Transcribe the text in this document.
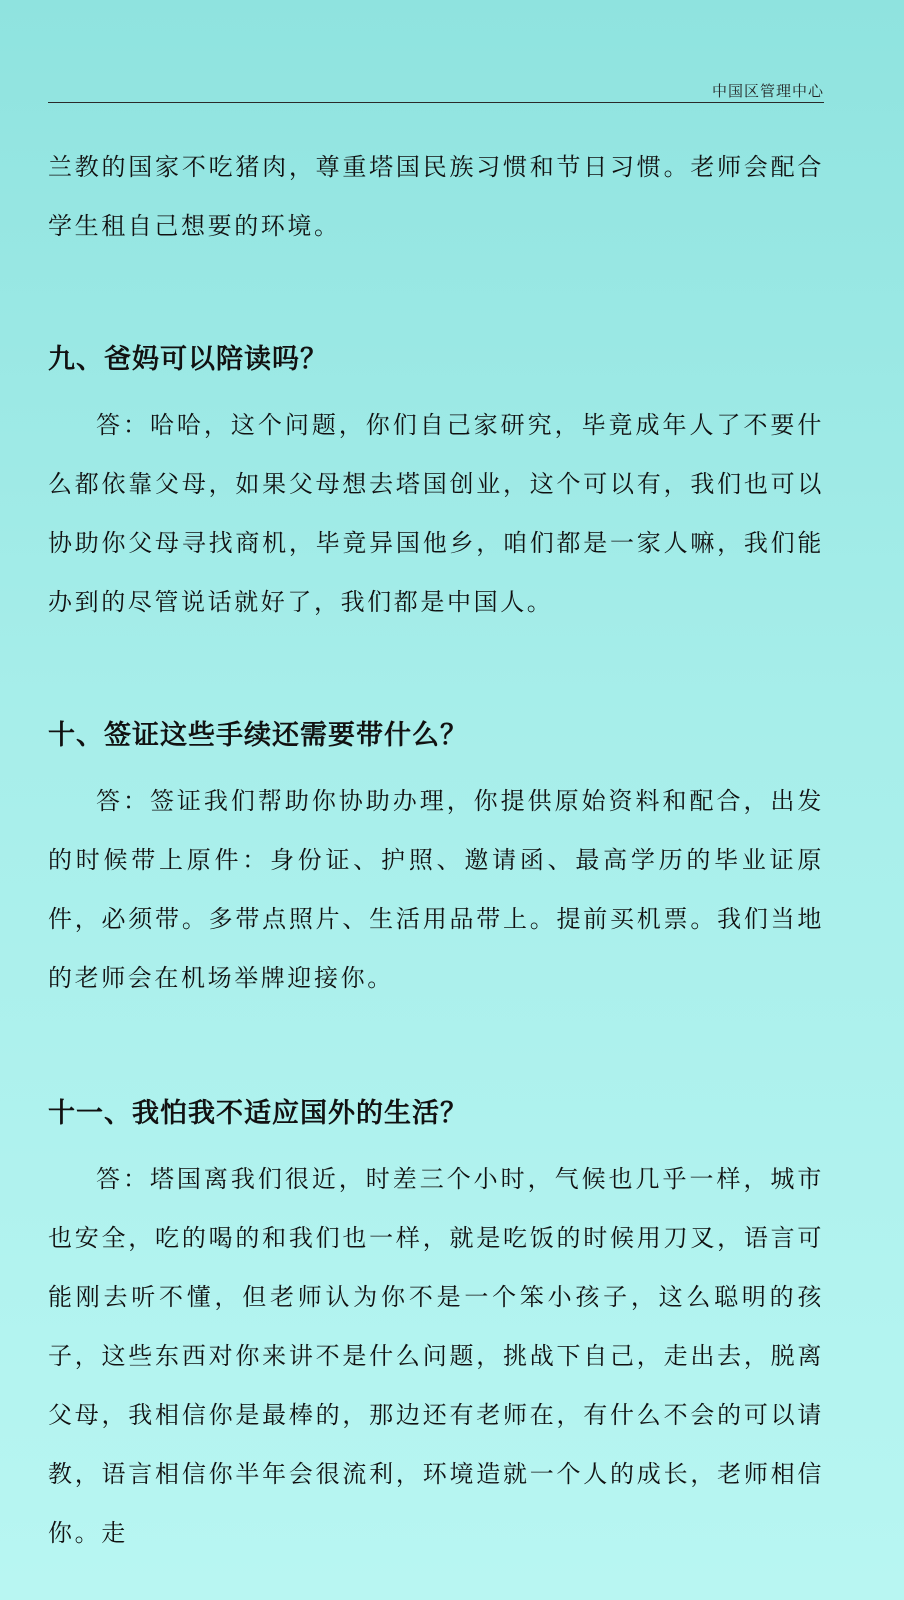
中国区管理中心

兰教的国家不吃猪肉，尊重塔国民族习惯和节日习惯。老师会配合学生租自己想要的环境。

九、爸妈可以陪读吗？

答：哈哈，这个问题，你们自己家研究，毕竟成年人了不要什么都依靠父母，如果父母想去塔国创业，这个可以有，我们也可以协助你父母寻找商机，毕竟异国他乡，咱们都是一家人嘛，我们能办到的尽管说话就好了，我们都是中国人。

十、签证这些手续还需要带什么？

答：签证我们帮助你协助办理，你提供原始资料和配合，出发的时候带上原件：身份证、护照、邀请函、最高学历的毕业证原件，必须带。多带点照片、生活用品带上。提前买机票。我们当地的老师会在机场举牌迎接你。

十一、我怕我不适应国外的生活？

答：塔国离我们很近，时差三个小时，气候也几乎一样，城市也安全，吃的喝的和我们也一样，就是吃饭的时候用刀叉，语言可能刚去听不懂，但老师认为你不是一个笨小孩子，这么聪明的孩子，这些东西对你来讲不是什么问题，挑战下自己，走出去，脱离父母，我相信你是最棒的，那边还有老师在，有什么不会的可以请教，语言相信你半年会很流利，环境造就一个人的成长，老师相信你。走
